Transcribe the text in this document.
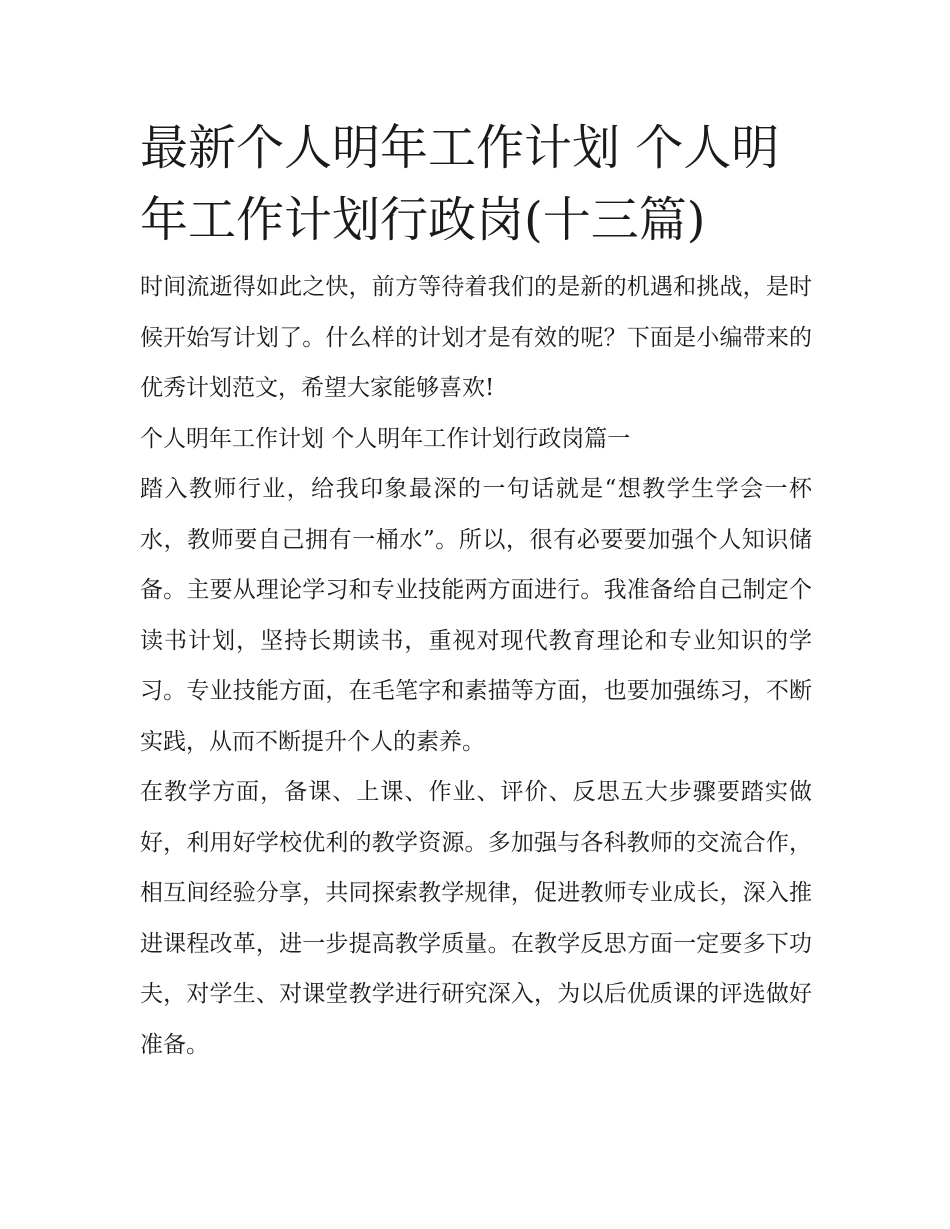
最新个人明年工作计划 个人明年工作计划行政岗(十三篇)

时间流逝得如此之快，前方等待着我们的是新的机遇和挑战，是时候开始写计划了。什么样的计划才是有效的呢？下面是小编带来的优秀计划范文，希望大家能够喜欢!

个人明年工作计划 个人明年工作计划行政岗篇一

踏入教师行业，给我印象最深的一句话就是“想教学生学会一杯水，教师要自己拥有一桶水”。所以，很有必要要加强个人知识储备。主要从理论学习和专业技能两方面进行。我准备给自己制定个读书计划，坚持长期读书，重视对现代教育理论和专业知识的学习。专业技能方面，在毛笔字和素描等方面，也要加强练习，不断实践，从而不断提升个人的素养。

在教学方面，备课、上课、作业、评价、反思五大步骤要踏实做好，利用好学校优利的教学资源。多加强与各科教师的交流合作，相互间经验分享，共同探索教学规律，促进教师专业成长，深入推进课程改革，进一步提高教学质量。在教学反思方面一定要多下功夫，对学生、对课堂教学进行研究深入，为以后优质课的评选做好准备。
